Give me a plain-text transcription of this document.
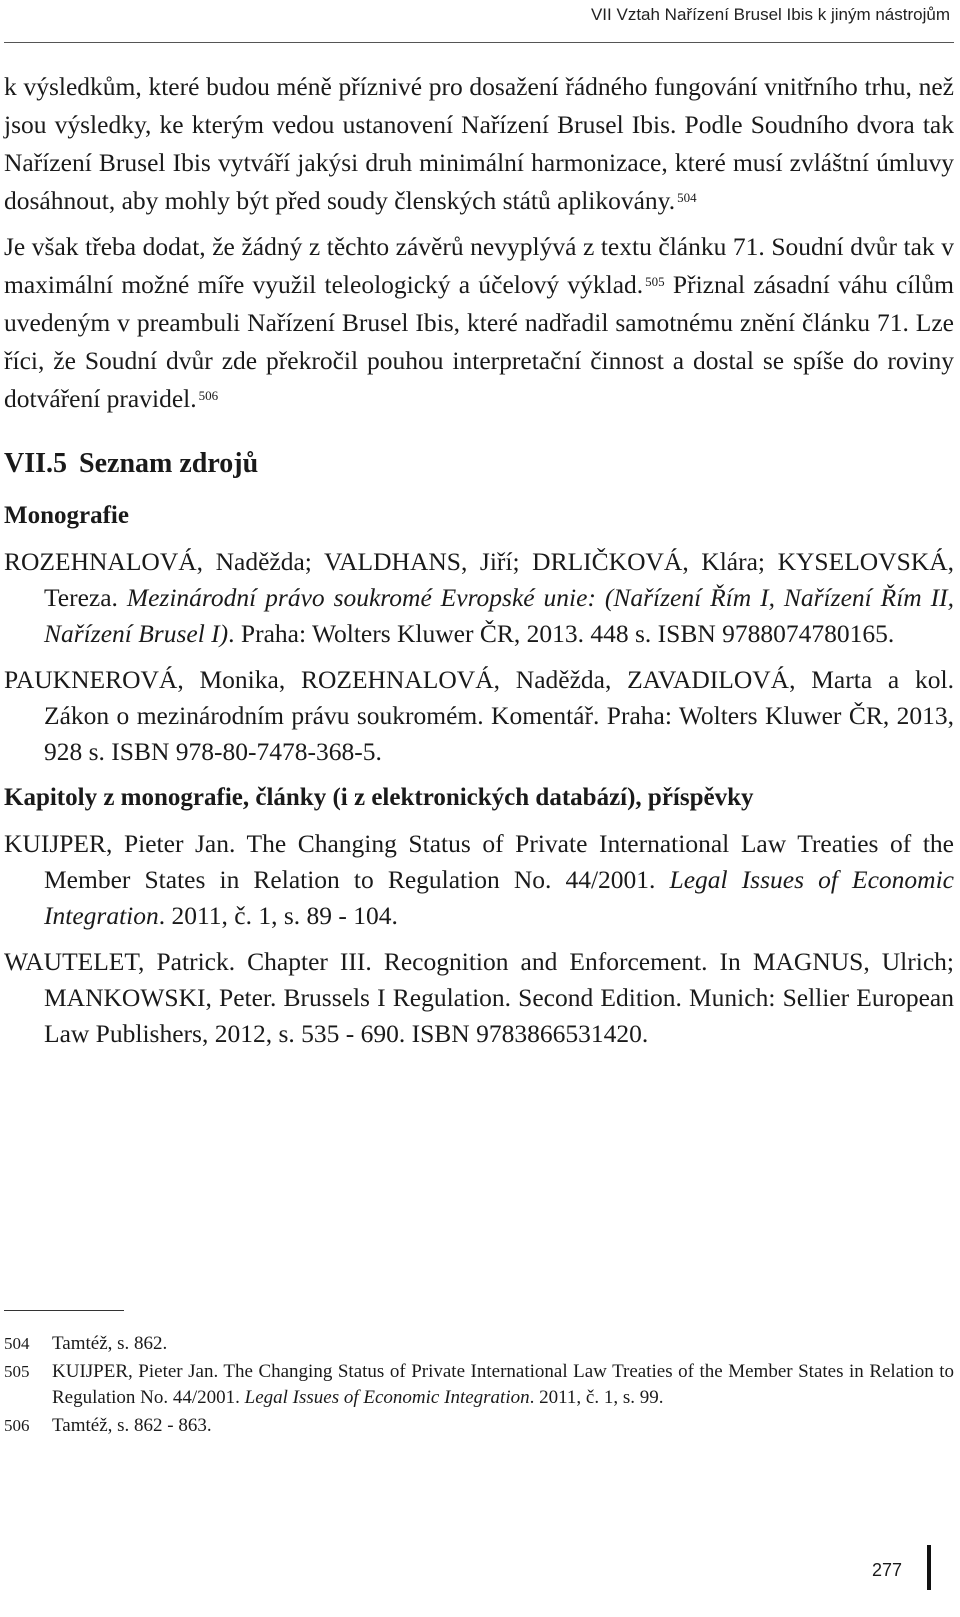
VII Vztah Nařízení Brusel Ibis k jiným nástrojům

k výsledkům, které budou méně příznivé pro dosažení řádného fungování vnitřního trhu, než jsou výsledky, ke kterým vedou ustanovení Nařízení Brusel Ibis. Podle Soudního dvora tak Nařízení Brusel Ibis vytváří jakýsi druh minimální harmonizace, které musí zvláštní úmluvy dosáhnout, aby mohly být před soudy členských států aplikovány. $^{504}$

Je však třeba dodat, že žádný z těchto závěrů nevyplývá z textu článku 71. Soudní dvůr tak v maximální možné míře využil teleologický a účelový výklad. $^{505}$ Přiznal zásadní váhu cílům uvedeným v preambuli Nařízení Brusel Ibis, které nadřadil samotnému znění článku 71. Lze říci, že Soudní dvůr zde překročil pouhou interpretační činnost a dostal se spíše do roviny dotváření pravidel. $^{506}$

VII.5 Seznam zdrojů
Monografie

ROZEHNALOVÁ, Naděžda; VALDHANS, Jiří; DRLIČKOVÁ, Klára; KYSELOVSKÁ, Tereza. Mezinárodní právo soukromé Evropské unie: (Nařízení Řím I, Nařízení Řím II, Nařízení Brusel I). Praha: Wolters Kluwer ČR, 2013. 448 s. ISBN 9788074780165.

PAUKNEROVÁ, Monika, ROZEHNALOVÁ, Naděžda, ZAVADILOVÁ, Marta a kol. Zákon o mezinárodním právu soukromém. Komentář. Praha: Wolters Kluwer ČR, 2013, 928 s. ISBN 978-80-7478-368-5.

Kapitoly z monografie, články (i z elektronických databází), příspěvky

KUIJPER, Pieter Jan. The Changing Status of Private International Law Treaties of the Member States in Relation to Regulation No. 44/2001. Legal Issues of Economic Integration. 2011, č. 1, s. 89 - 104.

WAUTELET, Patrick. Chapter III. Recognition and Enforcement. In MAGNUS, Ulrich; MANKOWSKI, Peter. Brussels I Regulation. Second Edition. Munich: Sellier European Law Publishers, 2012, s. 535 - 690. ISBN 9783866531420.

504	Tamtéž, s. 862.
505	KUIJPER, Pieter Jan. The Changing Status of Private International Law Treaties of the Member States in Relation to Regulation No. 44/2001. Legal Issues of Economic Integration. 2011, č. 1, s. 99.
506	Tamtéž, s. 862 - 863.
277
